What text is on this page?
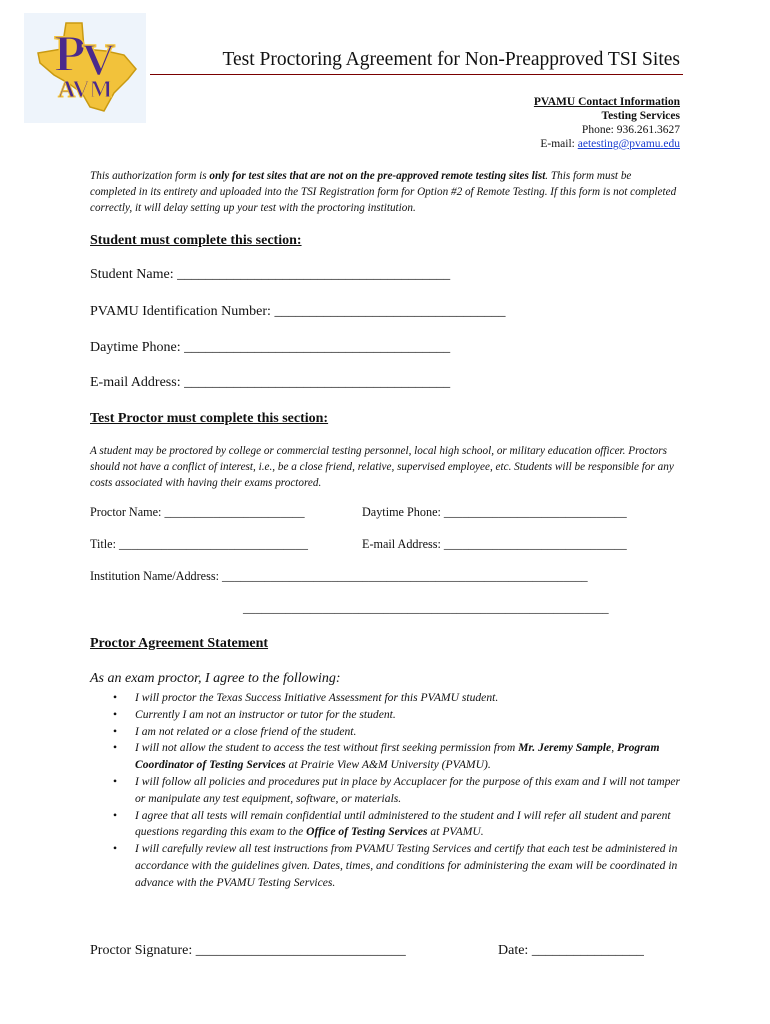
P
V
AVM
Test Proctoring Agreement for Non-Preapproved TSI Sites
PVAMU Contact Information
Testing Services
Phone: 936.261.3627
E-mail: aetesting@pvamu.edu
This authorization form is only for test sites that are not on the pre-approved remote testing sites list. This form must be completed in its entirety and uploaded into the TSI Registration form for Option #2 of Remote Testing. If this form is not completed correctly, it will delay setting up your test with the proctoring institution.
Student must complete this section:
Student Name: _______________________________________
PVAMU Identification Number: _________________________________
Daytime Phone: ______________________________________
E-mail Address: ______________________________________
Test Proctor must complete this section:
A student may be proctored by college or commercial testing personnel, local high school, or military education officer. Proctors should not have a conflict of interest, i.e., be a close friend, relative, supervised employee, etc. Students will be responsible for any costs associated with having their exams proctored.
Proctor Name: _______________________	Daytime Phone: ______________________________
Title: _______________________________	E-mail Address: ______________________________
Institution Name/Address: ____________________________________________________________
____________________________________________________________
Proctor Agreement Statement
As an exam proctor, I agree to the following:
• I will proctor the Texas Success Initiative Assessment for this PVAMU student.
• Currently I am not an instructor or tutor for the student.
• I am not related or a close friend of the student.
• I will not allow the student to access the test without first seeking permission from Mr. Jeremy Sample, Program Coordinator of Testing Services at Prairie View A&M University (PVAMU).
• I will follow all policies and procedures put in place by Accuplacer for the purpose of this exam and I will not tamper or manipulate any test equipment, software, or materials.
• I agree that all tests will remain confidential until administered to the student and I will refer all student and parent questions regarding this exam to the Office of Testing Services at PVAMU.
• I will carefully review all test instructions from PVAMU Testing Services and certify that each test be administered in accordance with the guidelines given. Dates, times, and conditions for administering the exam will be coordinated in advance with the PVAMU Testing Services.
Proctor Signature: ______________________________	Date: ________________
